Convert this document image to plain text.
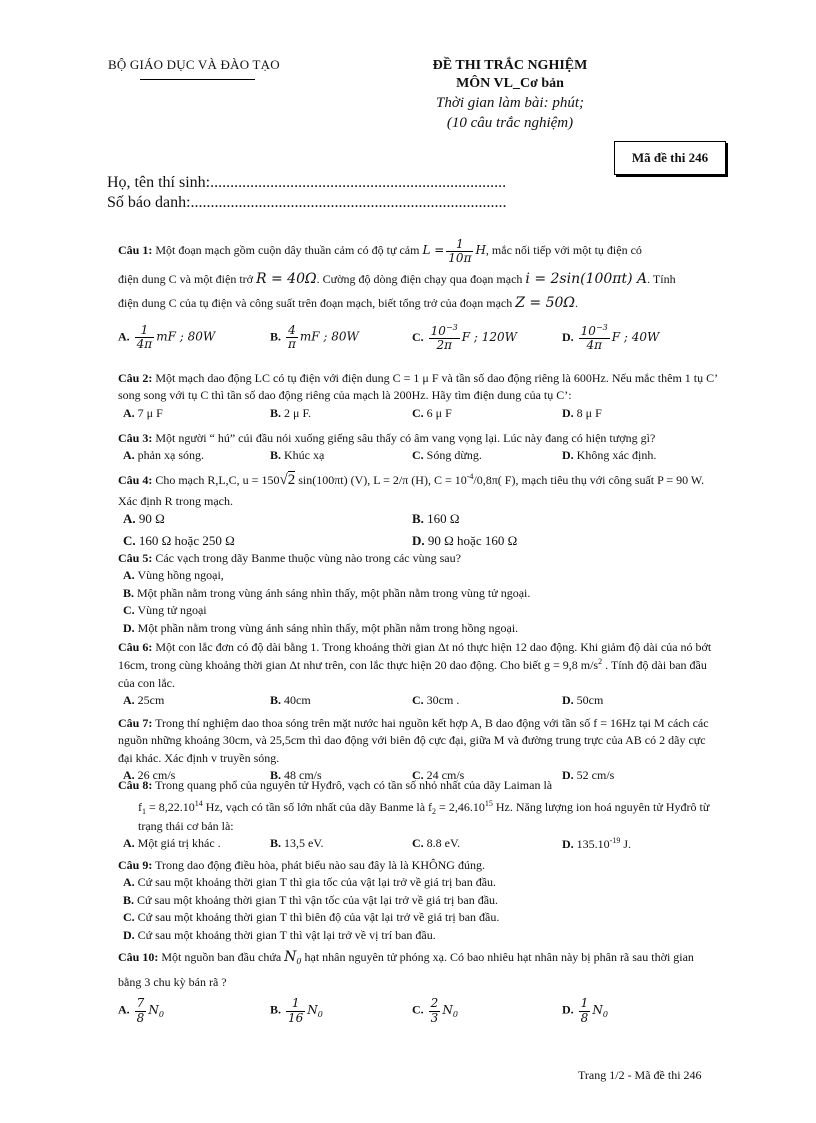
BỘ GIÁO DỤC VÀ ĐÀO TẠO	ĐỀ THI TRẮC NGHIỆM
MÔN VL_Cơ bản
Thời gian làm bài: phút;
(10 câu trắc nghiệm)
Mã đề thi 246
Họ, tên thí sinh:..........................................................................
Số báo danh:...............................................................................
Câu 1: Một đoạn mạch gồm cuộn dây thuần cảm có độ tự cảm $L = \frac{1}{10\pi} H$, mắc nối tiếp với một tụ điện có
điện dung C và một điện trở R = 40Ω. Cường độ dòng điện chạy qua đoạn mạch i = 2sin(100πt) A. Tính
điện dung C của tụ điện và công suất trên đoạn mạch, biết tổng trở của đoạn mạch Z = 50Ω.
A. $\frac{1}{4\pi}$ mF ; 80W	B. $\frac{4}{\pi}$ mF ; 80W	C. $\frac{10^{-3}}{2\pi}$ F ; 120W	D. $\frac{10^{-3}}{4\pi}$ F ; 40W
Câu 2: Một mạch dao động LC có tụ điện với điện dung C = 1 μ F và tần số dao động riêng là 600Hz. Nếu mắc thêm 1 tụ C’ song song với tụ C thì tần số dao động riêng của mạch là 200Hz. Hãy tìm điện dung của tụ C’:
A. 7 μ F	B. 2 μ F.	C. 6 μ F	D. 8 μ F
Câu 3: Một người “ hú” cúi đầu nói xuống giếng sâu thấy có âm vang vọng lại. Lúc này đang có hiện tượng gì?
A. phản xạ sóng.	B. Khúc xạ	C. Sóng dừng.	D. Không xác định.
Câu 4: Cho mạch R,L,C, u = 150√2 sin(100πt) (V), L = 2/π (H), $C = 10^{-4}/0,8\pi$( F), mạch tiêu thụ với công suất P = 90 W. Xác định R trong mạch.
A. 90 Ω	B. 160 Ω
C. 160 Ω hoặc 250 Ω	D. 90 Ω hoặc 160 Ω
Câu 5: Các vạch trong dãy Banme thuộc vùng nào trong các vùng sau?
A. Vùng hồng ngoại,
B. Một phần nằm trong vùng ánh sáng nhìn thấy, một phần nằm trong vùng tử ngoại.
C. Vùng tử ngoại
D. Một phần nằm trong vùng ánh sáng nhìn thấy, một phần nằm trong hồng ngoại.
Câu 6: Một con lắc đơn có độ dài bằng 1. Trong khoảng thời gian Δt nó thực hiện 12 dao động. Khi giảm độ dài của nó bớt 16cm, trong cùng khoảng thời gian Δt như trên, con lắc thực hiện 20 dao động. Cho biết g = 9,8 $m/s^2$ . Tính độ dài ban đầu của con lắc.
A. 25cm	B. 40cm	C. 30cm .	D. 50cm
Câu 7: Trong thí nghiệm dao thoa sóng trên mặt nước hai nguồn kết hợp A, B dao động với tần số f = 16Hz tại M cách các nguồn những khoảng 30cm, và 25,5cm thì dao động với biên độ cực đại, giữa M và đường trung trực của AB có 2 dãy cực đại khác. Xác định v truyền sóng.
A. 26 cm/s	B. 48 cm/s	C. 24 cm/s	D. 52 cm/s
Câu 8: Trong quang phổ của nguyên tử Hyđrô, vạch có tần số nhỏ nhất của dãy Laiman là
$f_1 = 8,22.10^{14}$ Hz, vạch có tần số lớn nhất của dãy Banme là $f_2 = 2,46.10^{15}$ Hz. Năng lượng ion hoá nguyên tử Hyđrô từ trạng thái cơ bản là:
A. Một giá trị khác .	B. 13,5 eV.	C. 8.8 eV.	D. $135.10^{-19}$ J.
Câu 9: Trong dao động điều hòa, phát biểu nào sau đây là là KHÔNG đúng.
A. Cứ sau một khoảng thời gian T thì gia tốc của vật lại trở về giá trị ban đầu.
B. Cứ sau một khoảng thời gian T thì vận tốc của vật lại trở về giá trị ban đầu.
C. Cứ sau một khoảng thời gian T thì biên độ của vật lại trở về giá trị ban đầu.
D. Cứ sau một khoảng thời gian T thì vật lại trở về vị trí ban đầu.
Câu 10: Một nguồn ban đầu chứa $N_0$ hạt nhân nguyên tử phóng xạ. Có bao nhiêu hạt nhân này bị phân rã sau thời gian bằng 3 chu kỳ bán rã ?
A. $\frac{7}{8} N_0$	B. $\frac{1}{16} N_0$	C. $\frac{2}{3} N_0$	D. $\frac{1}{8} N_0$
Trang 1/2 - Mã đề thi 246
